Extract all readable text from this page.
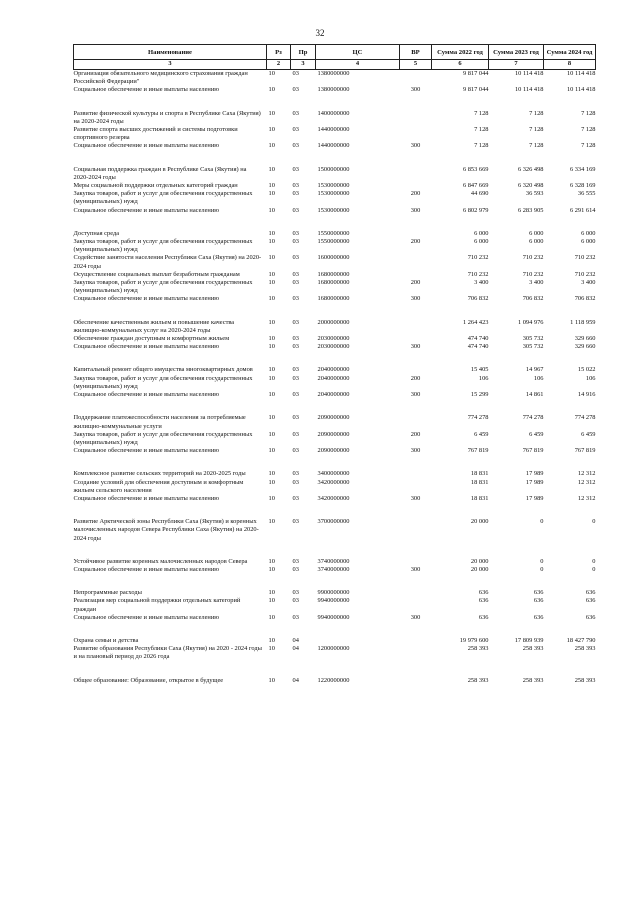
32
Наименование	Рз	Пр	ЦС	ВР	Сумма 2022 год	Сумма 2023 год	Сумма 2024 год
3	2	3	4	5	6	7	8
Организация обязательного медицинского страхования граждан Российской Федерации"	10	03	1380000000		9 817 044	10 114 418	10 114 418
Социальное обеспечение и иные выплаты населению	10	03	1380000000	300	9 817 044	10 114 418	10 114 418

Развитие физической культуры и спорта в Республике Саха (Якутия) на 2020-2024 годы	10	03	1400000000		7 128	7 128	7 128
Развитие спорта высших достижений и системы подготовки спортивного резерва	10	03	1440000000		7 128	7 128	7 128
Социальное обеспечение и иные выплаты населению	10	03	1440000000	300	7 128	7 128	7 128

Социальная поддержка граждан в Республике Саха (Якутия) на 2020-2024 годы	10	03	1500000000		6 853 669	6 326 498	6 334 169
Меры социальной поддержки отдельных категорий граждан	10	03	1530000000		6 847 669	6 320 498	6 328 169
Закупка товаров, работ и услуг для обеспечения государственных (муниципальных) нужд	10	03	1530000000	200	44 690	36 593	36 555
Социальное обеспечение и иные выплаты населению	10	03	1530000000	300	6 802 979	6 283 905	6 291 614

Доступная среда	10	03	1550000000		6 000	6 000	6 000
Закупка товаров, работ и услуг для обеспечения государственных (муниципальных) нужд	10	03	1550000000	200	6 000	6 000	6 000
Содействие занятости населения Республики Саха (Якутия) на 2020-2024 годы	10	03	1600000000		710 232	710 232	710 232
Осуществление социальных выплат безработным гражданам	10	03	1680000000		710 232	710 232	710 232
Закупка товаров, работ и услуг для обеспечения государственных (муниципальных) нужд	10	03	1680000000	200	3 400	3 400	3 400
Социальное обеспечение и иные выплаты населению	10	03	1680000000	300	706 832	706 832	706 832

Обеспечение качественным жильем и повышение качества жилищно-коммунальных услуг на 2020-2024 годы	10	03	2000000000		1 264 423	1 094 976	1 118 959
Обеспечение граждан доступным и комфортным жильем	10	03	2030000000		474 740	305 732	329 660
Социальное обеспечение и иные выплаты населению	10	03	2030000000	300	474 740	305 732	329 660

Капитальный ремонт общего имущества многоквартирных домов	10	03	2040000000		15 405	14 967	15 022
Закупка товаров, работ и услуг для обеспечения государственных (муниципальных) нужд	10	03	2040000000	200	106	106	106
Социальное обеспечение и иные выплаты населению	10	03	2040000000	300	15 299	14 861	14 916

Поддержание платежеспособности населения за потребляемые жилищно-коммунальные услуги	10	03	2090000000		774 278	774 278	774 278
Закупка товаров, работ и услуг для обеспечения государственных (муниципальных) нужд	10	03	2090000000	200	6 459	6 459	6 459
Социальное обеспечение и иные выплаты населению	10	03	2090000000	300	767 819	767 819	767 819

Комплексное развитие сельских территорий на 2020-2025 годы	10	03	3400000000		18 831	17 989	12 312
Создание условий для обеспечения доступным и комфортным жильем сельского населения	10	03	3420000000		18 831	17 989	12 312
Социальное обеспечение и иные выплаты населению	10	03	3420000000	300	18 831	17 989	12 312

Развитие Арктической зоны Республики Саха (Якутия) и коренных малочисленных народов Севера Республики Саха (Якутия) на 2020-2024 годы	10	03	3700000000		20 000	0	0

Устойчивое развитие коренных малочисленных народов Севера	10	03	3740000000		20 000	0	0
Социальное обеспечение и иные выплаты населению	10	03	3740000000	300	20 000	0	0

Непрограммные расходы	10	03	9900000000		636	636	636
Реализация мер социальной поддержки отдельных категорий граждан	10	03	9940000000		636	636	636
Социальное обеспечение и иные выплаты населению	10	03	9940000000	300	636	636	636

Охрана семьи и детства	10	04			19 979 600	17 809 939	18 427 790
Развитие образования Республики Саха (Якутия) на 2020 - 2024 годы и на плановый период до 2026 года	10	04	1200000000		258 393	258 393	258 393

Общее образование: Образование, открытое в будущее	10	04	1220000000		258 393	258 393	258 393
